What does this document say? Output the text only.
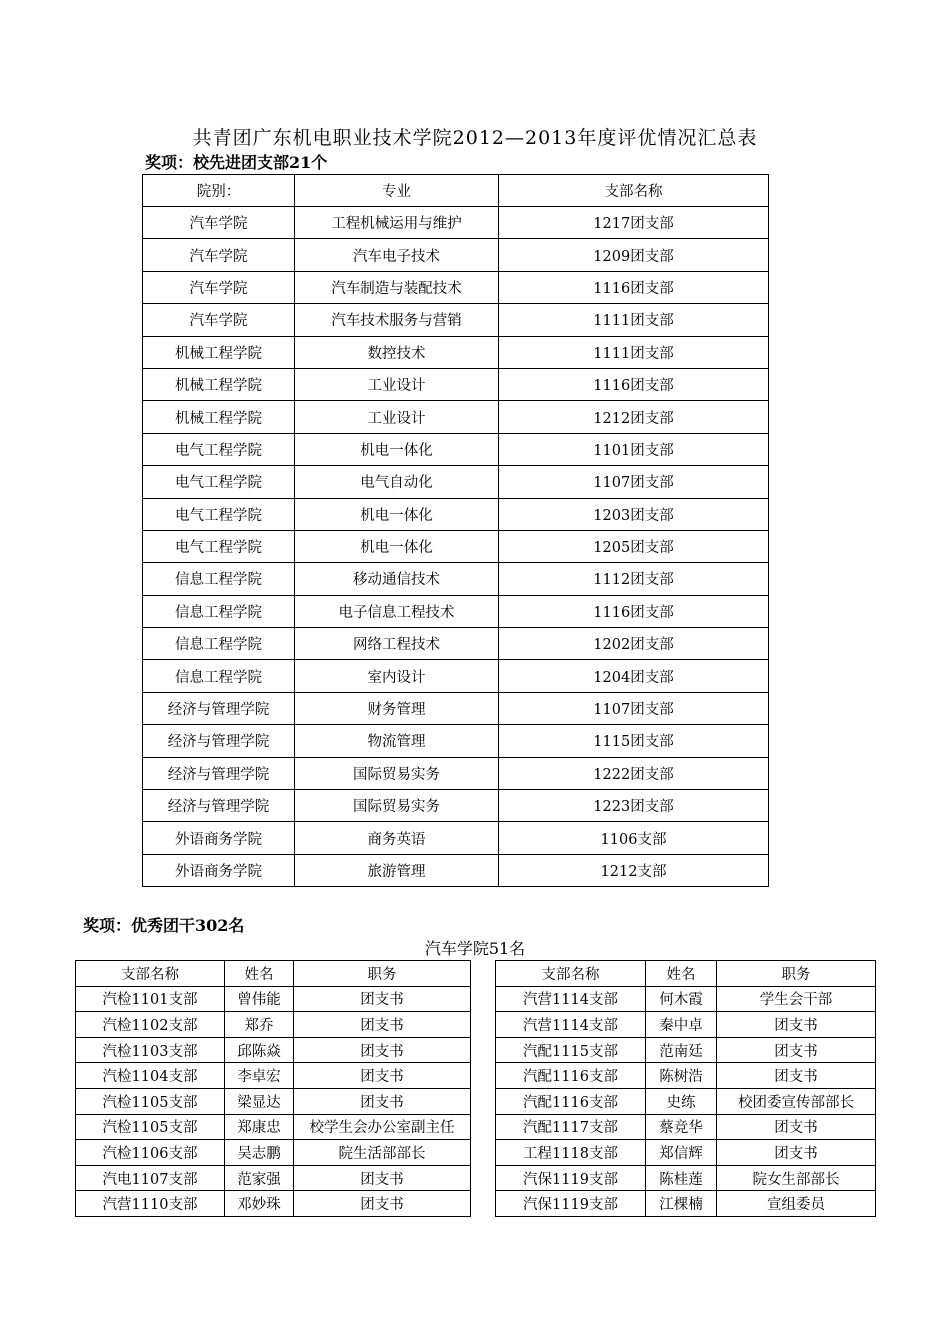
共青团广东机电职业技术学院2012—2013年度评优情况汇总表
奖项：校先进团支部21个
院别：	专业	支部名称
汽车学院	工程机械运用与维护	1217团支部
汽车学院	汽车电子技术	1209团支部
汽车学院	汽车制造与装配技术	1116团支部
汽车学院	汽车技术服务与营销	1111团支部
机械工程学院	数控技术	1111团支部
机械工程学院	工业设计	1116团支部
机械工程学院	工业设计	1212团支部
电气工程学院	机电一体化	1101团支部
电气工程学院	电气自动化	1107团支部
电气工程学院	机电一体化	1203团支部
电气工程学院	机电一体化	1205团支部
信息工程学院	移动通信技术	1112团支部
信息工程学院	电子信息工程技术	1116团支部
信息工程学院	网络工程技术	1202团支部
信息工程学院	室内设计	1204团支部
经济与管理学院	财务管理	1107团支部
经济与管理学院	物流管理	1115团支部
经济与管理学院	国际贸易实务	1222团支部
经济与管理学院	国际贸易实务	1223团支部
外语商务学院	商务英语	1106支部
外语商务学院	旅游管理	1212支部
奖项：优秀团干302名
汽车学院51名
支部名称	姓名	职务
汽检1101支部	曾伟能	团支书
汽检1102支部	郑乔	团支书
汽检1103支部	邱陈焱	团支书
汽检1104支部	李卓宏	团支书
汽检1105支部	梁显达	团支书
汽检1105支部	郑康忠	校学生会办公室副主任
汽检1106支部	吴志鹏	院生活部部长
汽电1107支部	范家强	团支书
汽营1110支部	邓妙珠	团支书
支部名称	姓名	职务
汽营1114支部	何木霞	学生会干部
汽营1114支部	秦中卓	团支书
汽配1115支部	范南廷	团支书
汽配1116支部	陈树浩	团支书
汽配1116支部	史练	校团委宣传部部长
汽配1117支部	蔡竞华	团支书
工程1118支部	郑信辉	团支书
汽保1119支部	陈桂莲	院女生部部长
汽保1119支部	江棵楠	宣组委员
